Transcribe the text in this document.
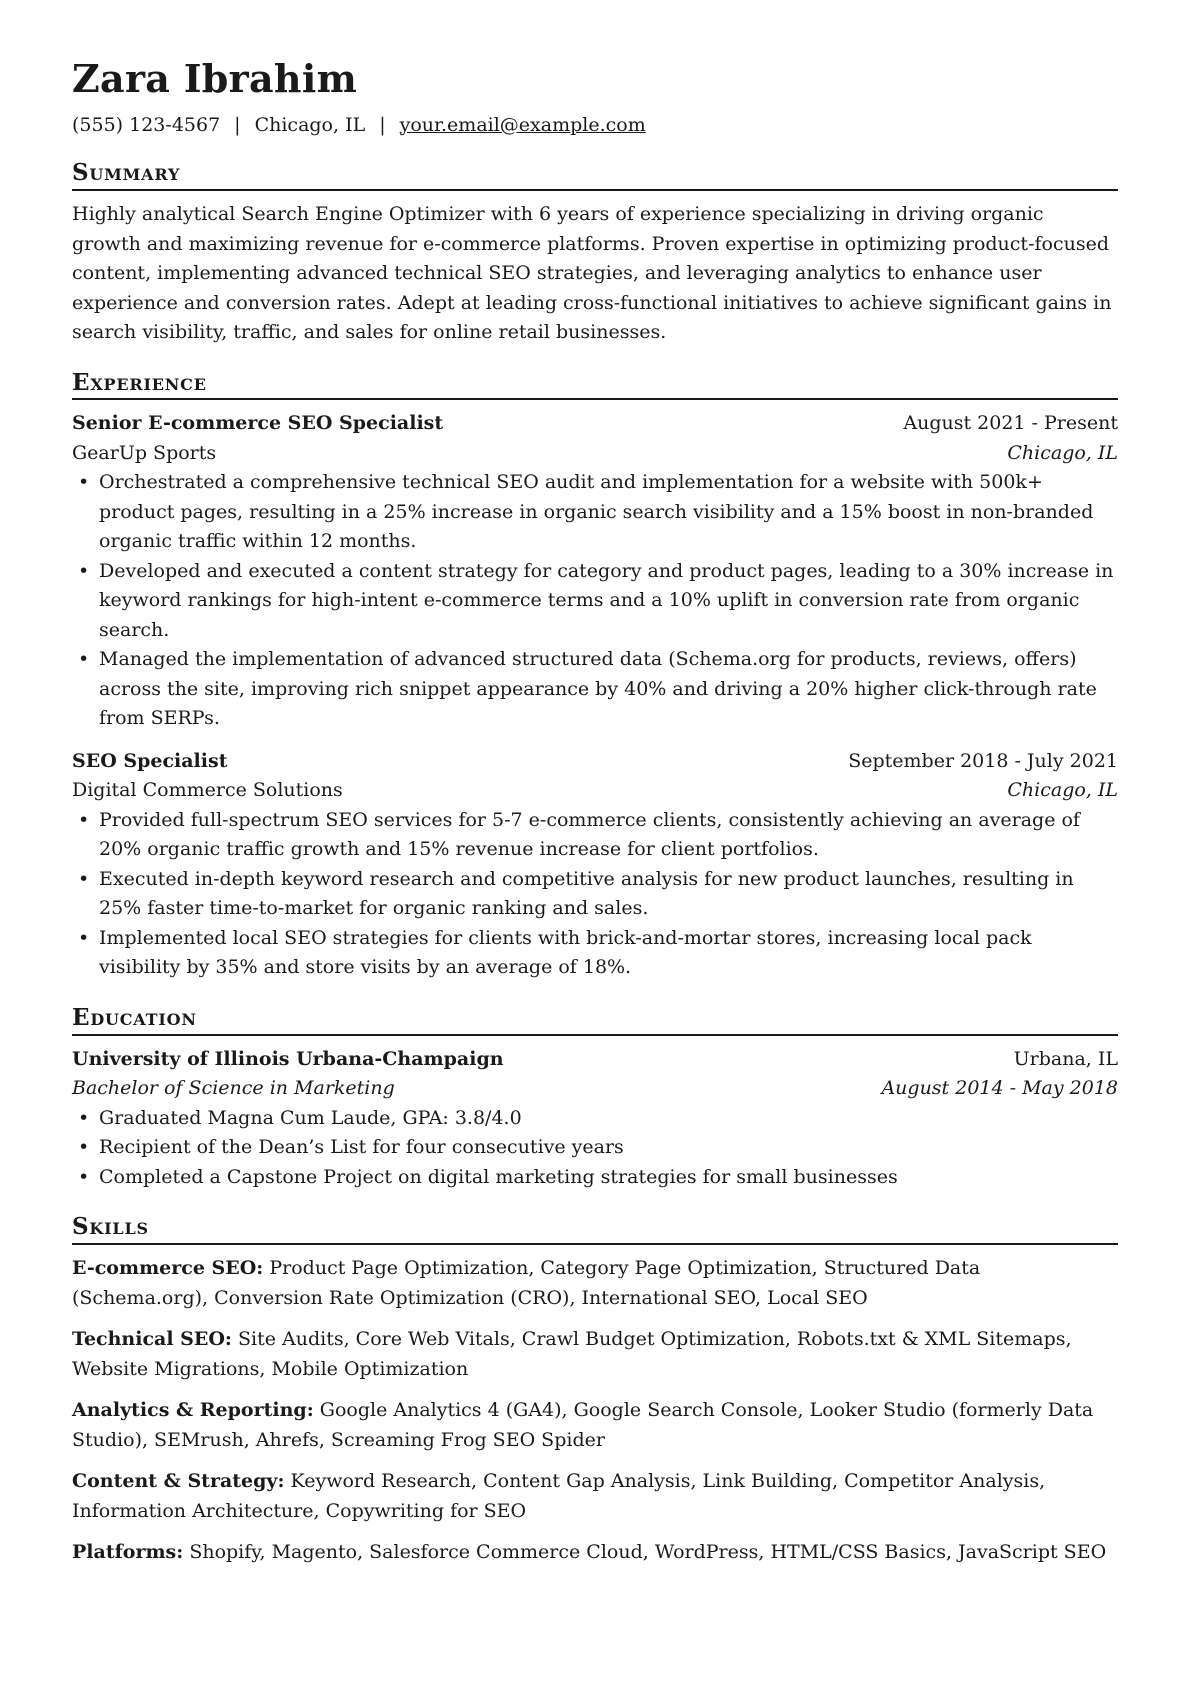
Zara Ibrahim
(555) 123-4567 | Chicago, IL | your.email@example.com
Summary

Highly analytical Search Engine Optimizer with 6 years of experience specializing in driving organic growth and maximizing revenue for e-commerce platforms. Proven expertise in optimizing product-focused content, implementing advanced technical SEO strategies, and leveraging analytics to enhance user experience and conversion rates. Adept at leading cross-functional initiatives to achieve significant gains in search visibility, traffic, and sales for online retail businesses.

Experience
Senior E-commerce SEO Specialist	August 2021 - Present
GearUp Sports	Chicago, IL
• Orchestrated a comprehensive technical SEO audit and implementation for a website with 500k+ product pages, resulting in a 25% increase in organic search visibility and a 15% boost in non-branded organic traffic within 12 months.
• Developed and executed a content strategy for category and product pages, leading to a 30% increase in keyword rankings for high-intent e-commerce terms and a 10% uplift in conversion rate from organic search.
• Managed the implementation of advanced structured data (Schema.org for products, reviews, offers) across the site, improving rich snippet appearance by 40% and driving a 20% higher click-through rate from SERPs.
SEO Specialist	September 2018 - July 2021
Digital Commerce Solutions	Chicago, IL
• Provided full-spectrum SEO services for 5-7 e-commerce clients, consistently achieving an average of 20% organic traffic growth and 15% revenue increase for client portfolios.
• Executed in-depth keyword research and competitive analysis for new product launches, resulting in 25% faster time-to-market for organic ranking and sales.
• Implemented local SEO strategies for clients with brick-and-mortar stores, increasing local pack visibility by 35% and store visits by an average of 18%.
Education
University of Illinois Urbana-Champaign	Urbana, IL
Bachelor of Science in Marketing	August 2014 - May 2018
• Graduated Magna Cum Laude, GPA: 3.8/4.0
• Recipient of the Dean’s List for four consecutive years
• Completed a Capstone Project on digital marketing strategies for small businesses
Skills
E-commerce SEO: Product Page Optimization, Category Page Optimization, Structured Data (Schema.org), Conversion Rate Optimization (CRO), International SEO, Local SEO
Technical SEO: Site Audits, Core Web Vitals, Crawl Budget Optimization, Robots.txt & XML Sitemaps, Website Migrations, Mobile Optimization
Analytics & Reporting: Google Analytics 4 (GA4), Google Search Console, Looker Studio (formerly Data Studio), SEMrush, Ahrefs, Screaming Frog SEO Spider
Content & Strategy: Keyword Research, Content Gap Analysis, Link Building, Competitor Analysis, Information Architecture, Copywriting for SEO
Platforms: Shopify, Magento, Salesforce Commerce Cloud, WordPress, HTML/CSS Basics, JavaScript SEO
